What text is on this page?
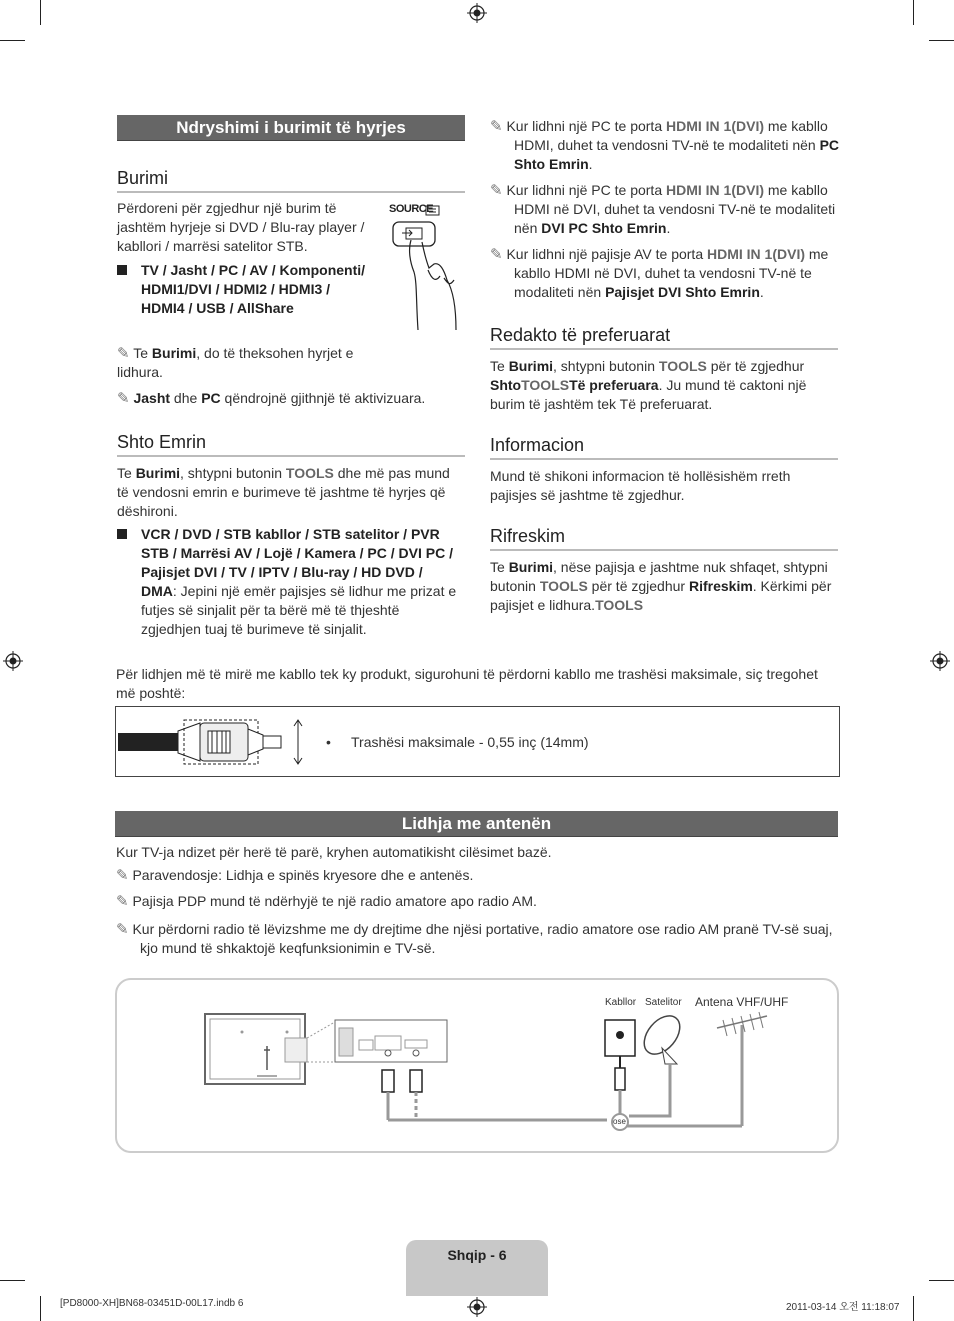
Ndryshimi i burimit të hyrjes
Burimi

Përdoreni për zgjedhur një burim të jashtëm hyrjeje si DVD / Blu-ray player / kabllori / marrësi satelitor STB.

SOURCE

TV / Jasht / PC / AV / Komponenti/ HDMI1/DVI / HDMI2 / HDMI3 / HDMI4 / USB / AllShare

✎ Te Burimi, do të theksohen hyrjet e lidhura.
✎ Jasht dhe PC qëndrojnë gjithnjë të aktivizuara.
Shto Emrin

Te Burimi, shtypni butonin TOOLS dhe më pas mund të vendosni emrin e burimeve të jashtme të hyrjes që dëshironi.

VCR / DVD / STB kabllor / STB satelitor / PVR STB / Marrësi AV / Lojë / Kamera / PC / DVI PC / Pajisjet DVI / TV / IPTV / Blu-ray / HD DVD / DMA: Jepini një emër pajisjes së lidhur me prizat e futjes së sinjalit për ta bërë më të thjeshtë zgjedhjen tuaj të burimeve të sinjalit.

✎ Kur lidhni një PC te porta HDMI IN 1(DVI) me kabllo HDMI, duhet ta vendosni TV-në te modaliteti nën PC Shto Emrin.
✎ Kur lidhni një PC te porta HDMI IN 1(DVI) me kabllo HDMI në DVI, duhet ta vendosni TV-në te modaliteti nën DVI PC Shto Emrin.
✎ Kur lidhni një pajisje AV te porta HDMI IN 1(DVI) me kabllo HDMI në DVI, duhet ta vendosni TV-në te modaliteti nën Pajisjet DVI Shto Emrin.
Redakto të preferuarat

Te Burimi, shtypni butonin TOOLS për të zgjedhur ShtoTOOLSTë preferuara. Ju mund të caktoni një burim të jashtëm tek Të preferuarat.

Informacion

Mund të shikoni informacion të hollësishëm rreth pajisjes së jashtme të zgjedhur.

Rifreskim

Te Burimi, nëse pajisja e jashtme nuk shfaqet, shtypni butonin TOOLS për të zgjedhur Rifreskim. Kërkimi për pajisjet e lidhura.TOOLS

Për lidhjen më të mirë me kabllo tek ky produkt, sigurohuni të përdorni kabllo me trashësi maksimale, siç tregohet më poshtë:

• Trashësi maksimale - 0,55 inç (14mm)
Lidhja me antenën

Kur TV-ja ndizet për herë të parë, kryhen automatikisht cilësimet bazë.

✎ Paravendosje: Lidhja e spinës kryesore dhe e antenës.
✎ Pajisja PDP mund të ndërhyjë te një radio amatore apo radio AM.
✎ Kur përdorni radio të lëvizshme me dy drejtime dhe njësi portative, radio amatore ose radio AM pranë TV-së suaj, kjo mund të shkaktojë keqfunksionimin e TV-së.
Kabllor Satelitor Antena VHF/UHF
ose
Shqip - 6
[PD8000-XH]BN68-03451D-00L17.indb 6	2011-03-14 오전 11:18:07
